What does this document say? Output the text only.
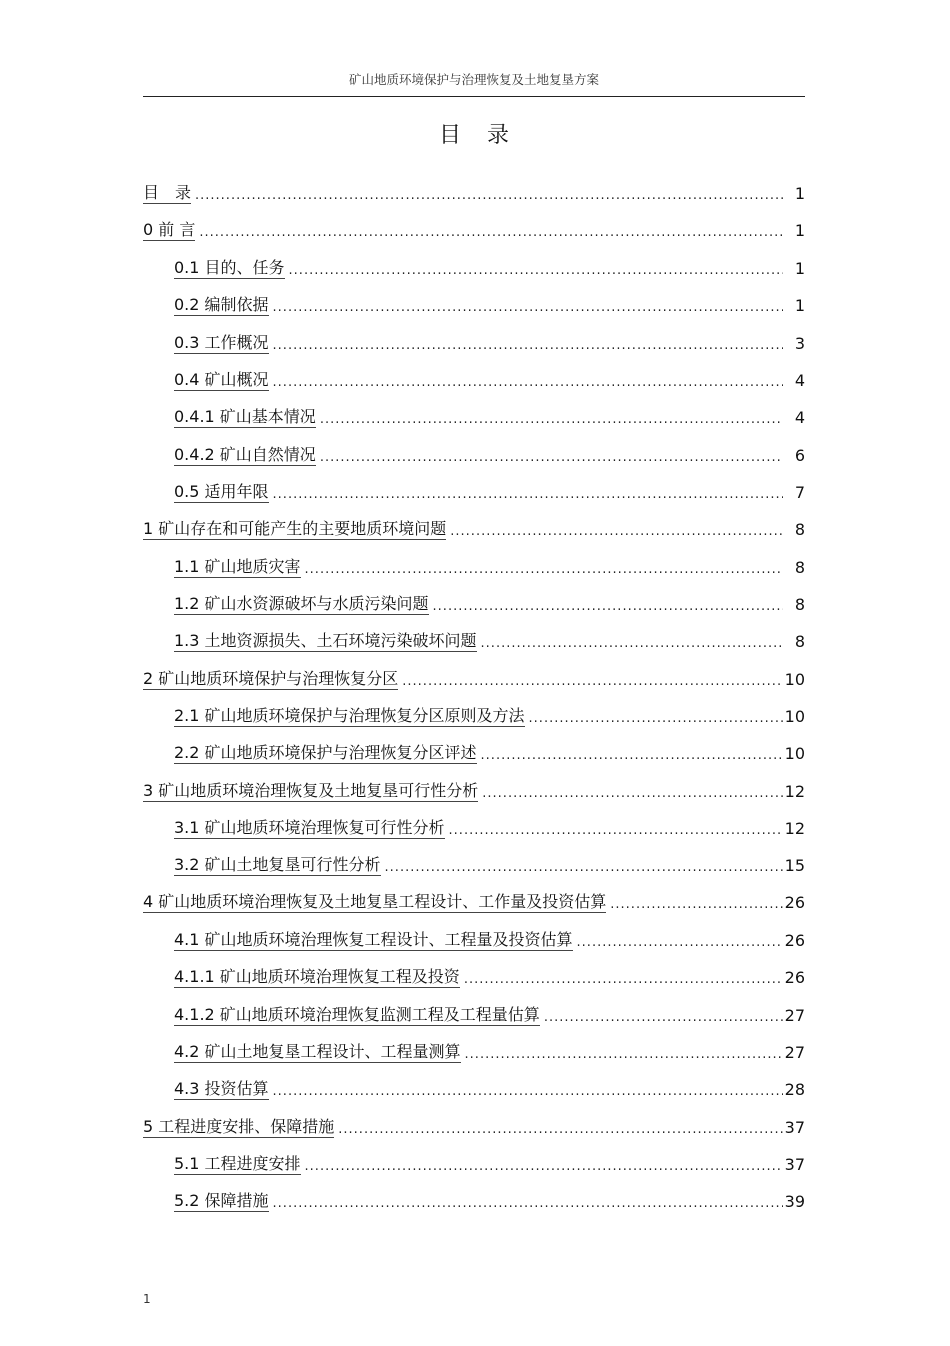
矿山地质环境保护与治理恢复及土地复垦方案
目　录
目　录 .....	1
0 前 言 .....	1
0.1 目的、任务 .....	1
0.2 编制依据 .....	1
0.3 工作概况 .....	3
0.4 矿山概况 .....	4
0.4.1 矿山基本情况 .....	4
0.4.2 矿山自然情况 .....	6
0.5 适用年限 .....	7
1 矿山存在和可能产生的主要地质环境问题 .....	8
1.1 矿山地质灾害 .....	8
1.2 矿山水资源破坏与水质污染问题 .....	8
1.3 土地资源损失、土石环境污染破坏问题 .....	8
2 矿山地质环境保护与治理恢复分区 .....	10
2.1 矿山地质环境保护与治理恢复分区原则及方法 .....	10
2.2 矿山地质环境保护与治理恢复分区评述 .....	10
3 矿山地质环境治理恢复及土地复垦可行性分析 .....	12
3.1 矿山地质环境治理恢复可行性分析 .....	12
3.2 矿山土地复垦可行性分析 .....	15
4 矿山地质环境治理恢复及土地复垦工程设计、工作量及投资估算 .....	26
4.1 矿山地质环境治理恢复工程设计、工程量及投资估算 .....	26
4.1.1 矿山地质环境治理恢复工程及投资 .....	26
4.1.2 矿山地质环境治理恢复监测工程及工程量估算 .....	27
4.2 矿山土地复垦工程设计、工程量测算 .....	27
4.3 投资估算 .....	28
5 工程进度安排、保障措施 .....	37
5.1 工程进度安排 .....	37
5.2 保障措施 .....	39
1
